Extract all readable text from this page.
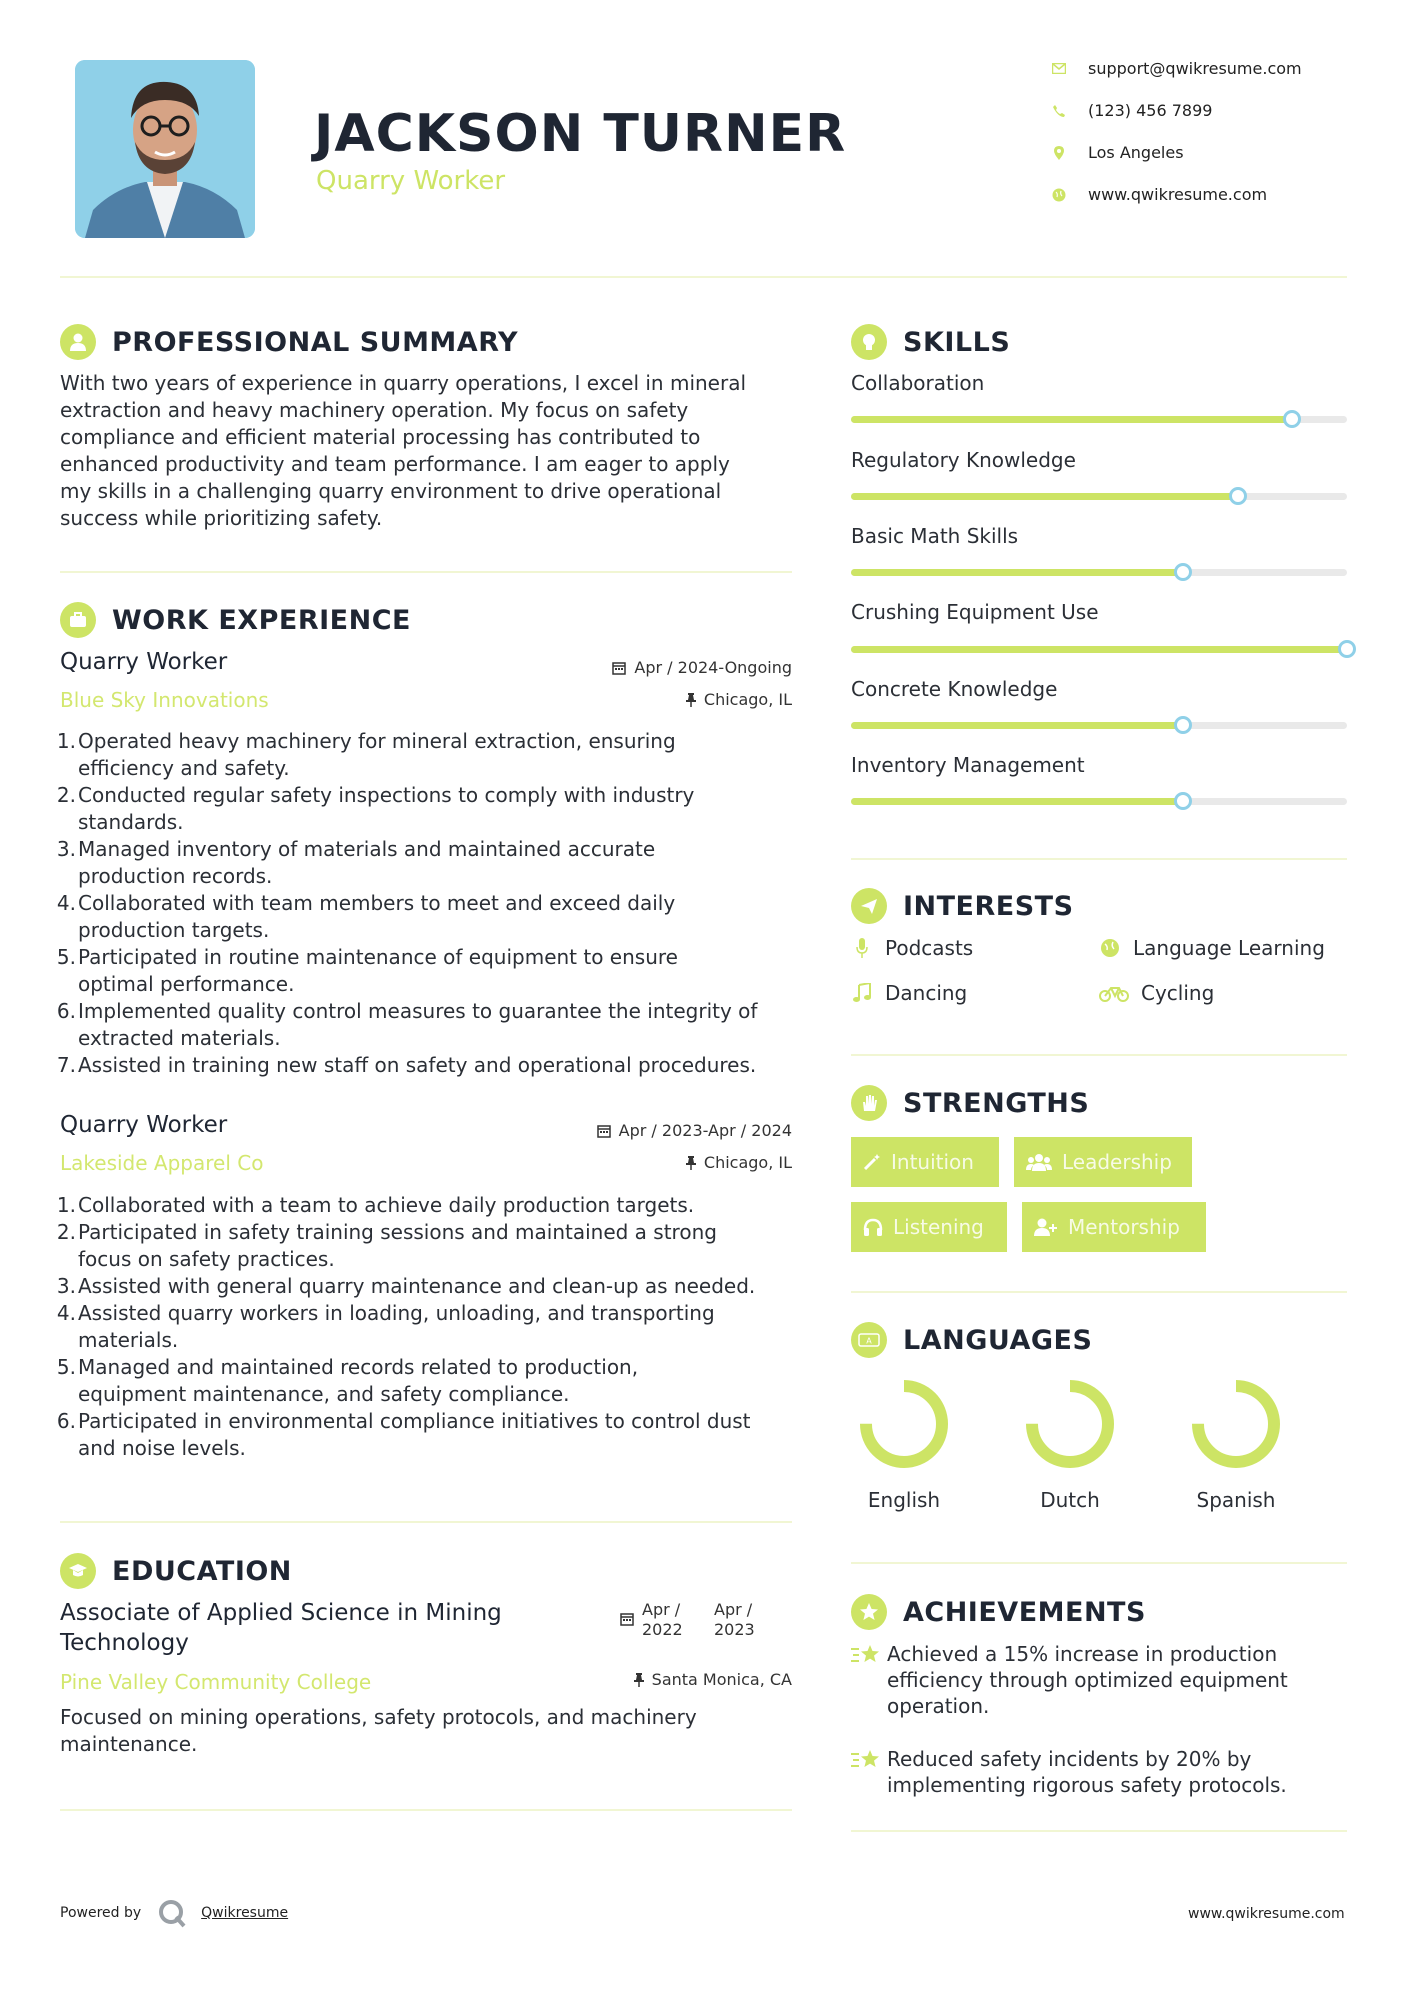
JACKSON TURNER
Quarry Worker
support@qwikresume.com
(123) 456 7899
Los Angeles
www.qwikresume.com
PROFESSIONAL SUMMARY
With two years of experience in quarry operations, I excel in mineral
extraction and heavy machinery operation. My focus on safety
compliance and efficient material processing has contributed to
enhanced productivity and team performance. I am eager to apply
my skills in a challenging quarry environment to drive operational
success while prioritizing safety.
WORK EXPERIENCE
Quarry Worker
Blue Sky Innovations
Apr / 2024-Ongoing
Chicago, IL
1. Operated heavy machinery for mineral extraction, ensuring
efficiency and safety.
2. Conducted regular safety inspections to comply with industry
standards.
3. Managed inventory of materials and maintained accurate
production records.
4. Collaborated with team members to meet and exceed daily
production targets.
5. Participated in routine maintenance of equipment to ensure
optimal performance.
6. Implemented quality control measures to guarantee the integrity of
extracted materials.
7. Assisted in training new staff on safety and operational procedures.
Quarry Worker
Lakeside Apparel Co
Apr / 2023-Apr / 2024
Chicago, IL
1. Collaborated with a team to achieve daily production targets.
2. Participated in safety training sessions and maintained a strong
focus on safety practices.
3. Assisted with general quarry maintenance and clean-up as needed.
4. Assisted quarry workers in loading, unloading, and transporting
materials.
5. Managed and maintained records related to production,
equipment maintenance, and safety compliance.
6. Participated in environmental compliance initiatives to control dust
and noise levels.
EDUCATION
Associate of Applied Science in Mining
Technology
Pine Valley Community College
Apr /
2022
Apr /
2023
Santa Monica, CA
Focused on mining operations, safety protocols, and machinery
maintenance.
SKILLS
Collaboration
Regulatory Knowledge
Basic Math Skills
Crushing Equipment Use
Concrete Knowledge
Inventory Management
INTERESTS
Podcasts	Language Learning
Dancing	Cycling
STRENGTHS
Intuition	Leadership
Listening	Mentorship
A LANGUAGES
English	Dutch	Spanish
ACHIEVEMENTS
Achieved a 15% increase in production
efficiency through optimized equipment
operation.
Reduced safety incidents by 20% by
implementing rigorous safety protocols.
Powered by	Qwikresume	www.qwikresume.com
